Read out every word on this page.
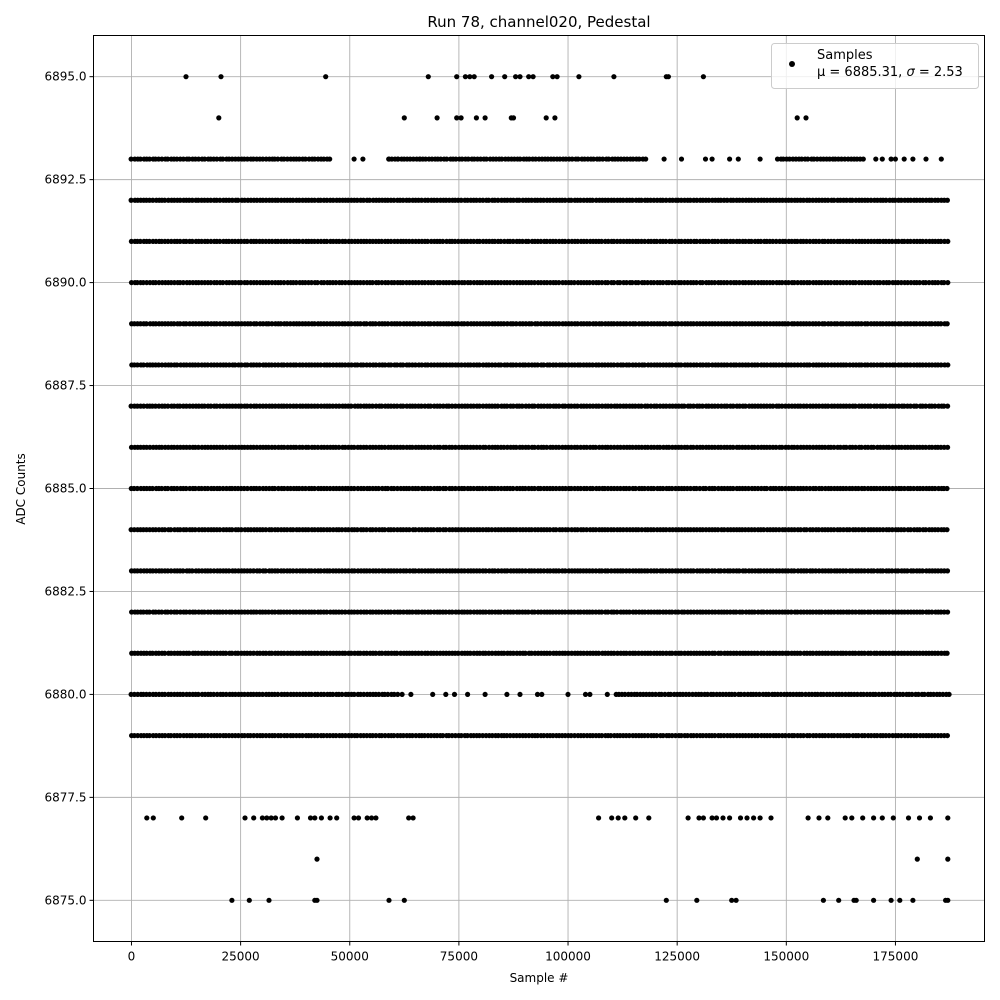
Run 78, channel020, Pedestal
0	25000	50000	75000	100000	125000	150000	175000
6875.0
6877.5
6880.0
6882.5
6885.0
6887.5
6890.0
6892.5
6895.0
Sample #
ADC Counts
Samples
μ = 6885.31, σ = 2.53
